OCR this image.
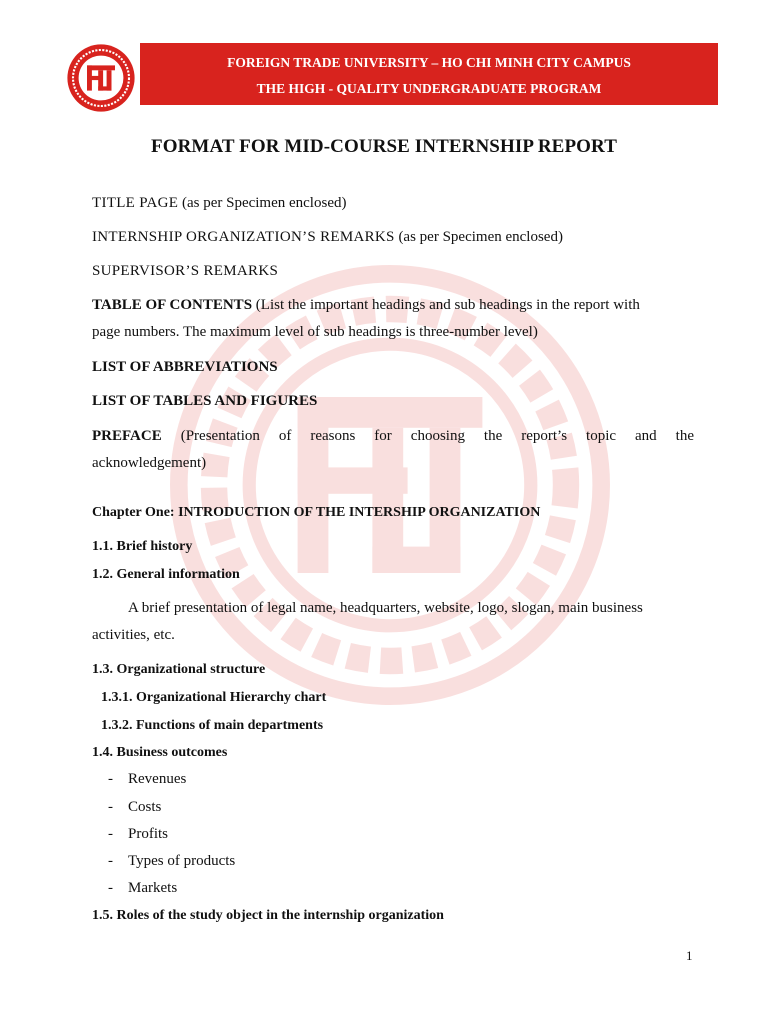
FOREIGN TRADE UNIVERSITY – HO CHI MINH CITY CAMPUS
THE HIGH - QUALITY UNDERGRADUATE PROGRAM
FORMAT FOR MID-COURSE INTERNSHIP REPORT
TITLE PAGE (as per Specimen enclosed)
INTERNSHIP ORGANIZATION’S REMARKS (as per Specimen enclosed)
SUPERVISOR’S REMARKS
TABLE OF CONTENTS (List the important headings and sub headings in the report with
page numbers. The maximum level of sub headings is three-number level)
LIST OF ABBREVIATIONS
LIST OF TABLES AND FIGURES
PREFACE (Presentation of reasons for choosing the report’s topic and the
acknowledgement)
Chapter One: INTRODUCTION OF THE INTERSHIP ORGANIZATION
1.1. Brief history
1.2. General information
A brief presentation of legal name, headquarters, website, logo, slogan, main business
activities, etc.
1.3. Organizational structure
1.3.1. Organizational Hierarchy chart
1.3.2. Functions of main departments
1.4. Business outcomes
- Revenues
- Costs
- Profits
- Types of products
- Markets
1.5. Roles of the study object in the internship organization
1
